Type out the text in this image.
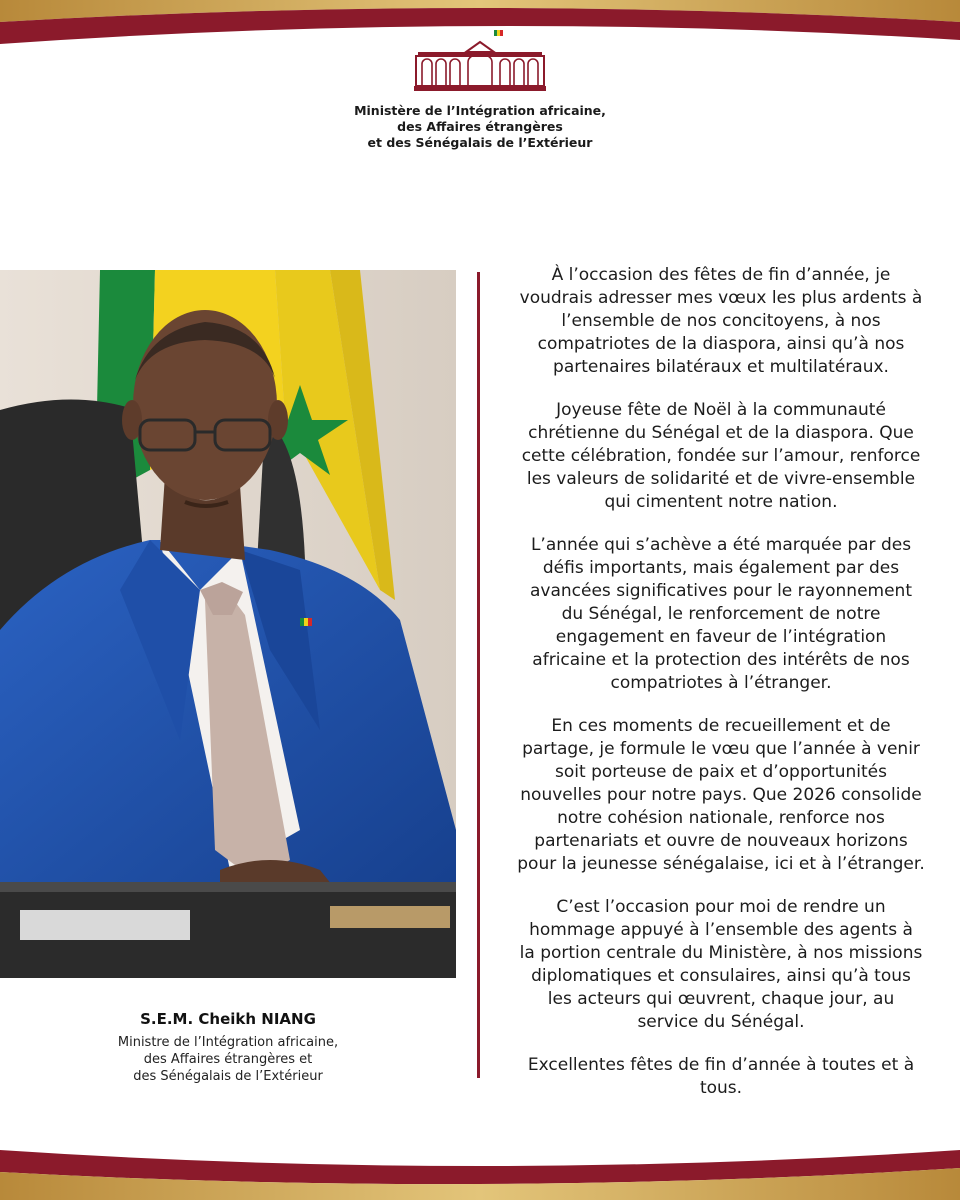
Ministère de l’Intégration africaine,
des Affaires étrangères
et des Sénégalais de l’Extérieur
S.E.M. Cheikh NIANG
Ministre de l’Intégration africaine,
des Affaires étrangères et
des Sénégalais de l’Extérieur
À l’occasion des fêtes de fin d’année, je
voudrais adresser mes vœux les plus ardents à
l’ensemble de nos concitoyens, à nos
compatriotes de la diaspora, ainsi qu’à nos
partenaires bilatéraux et multilatéraux.
Joyeuse fête de Noël à la communauté
chrétienne du Sénégal et de la diaspora. Que
cette célébration, fondée sur l’amour, renforce
les valeurs de solidarité et de vivre-ensemble
qui cimentent notre nation.
L’année qui s’achève a été marquée par des
défis importants, mais également par des
avancées significatives pour le rayonnement
du Sénégal, le renforcement de notre
engagement en faveur de l’intégration
africaine et la protection des intérêts de nos
compatriotes à l’étranger.
En ces moments de recueillement et de
partage, je formule le vœu que l’année à venir
soit porteuse de paix et d’opportunités
nouvelles pour notre pays. Que 2026 consolide
notre cohésion nationale, renforce nos
partenariats et ouvre de nouveaux horizons
pour la jeunesse sénégalaise, ici et à l’étranger.
C’est l’occasion pour moi de rendre un
hommage appuyé à l’ensemble des agents à
la portion centrale du Ministère, à nos missions
diplomatiques et consulaires, ainsi qu’à tous
les acteurs qui œuvrent, chaque jour, au
service du Sénégal.
Excellentes fêtes de fin d’année à toutes et à
tous.
